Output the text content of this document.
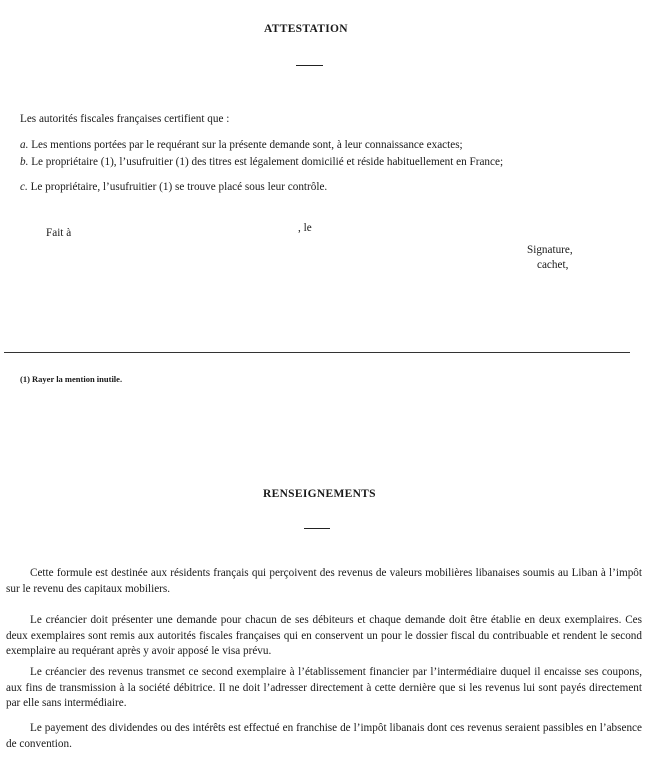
ATTESTATION
Les autorités fiscales françaises certifient que :
a. Les mentions portées par le requérant sur la présente demande sont, à leur connaissance exactes;
b. Le propriétaire (1), l’usufruitier (1) des titres est légalement domicilié et réside habituellement en France;
c. Le propriétaire, l’usufruitier (1) se trouve placé sous leur contrôle.
Fait à	, le
Signature,
cachet,
(1) Rayer la mention inutile.
RENSEIGNEMENTS

Cette formule est destinée aux résidents français qui perçoivent des revenus de valeurs mobilières libanaises soumis au Liban à l’impôt sur le revenu des capitaux mobiliers.

Le créancier doit présenter une demande pour chacun de ses débiteurs et chaque demande doit être établie en deux exemplaires. Ces deux exemplaires sont remis aux autorités fiscales françaises qui en conservent un pour le dossier fiscal du contribuable et rendent le second exemplaire au requérant après y avoir apposé le visa prévu.

Le créancier des revenus transmet ce second exemplaire à l’établissement financier par l’intermédiaire duquel il encaisse ses coupons, aux fins de transmission à la société débitrice. Il ne doit l’adresser directement à cette dernière que si les revenus lui sont payés directement par elle sans intermédiaire.

Le payement des dividendes ou des intérêts est effectué en franchise de l’impôt libanais dont ces revenus seraient passibles en l’absence de convention.
